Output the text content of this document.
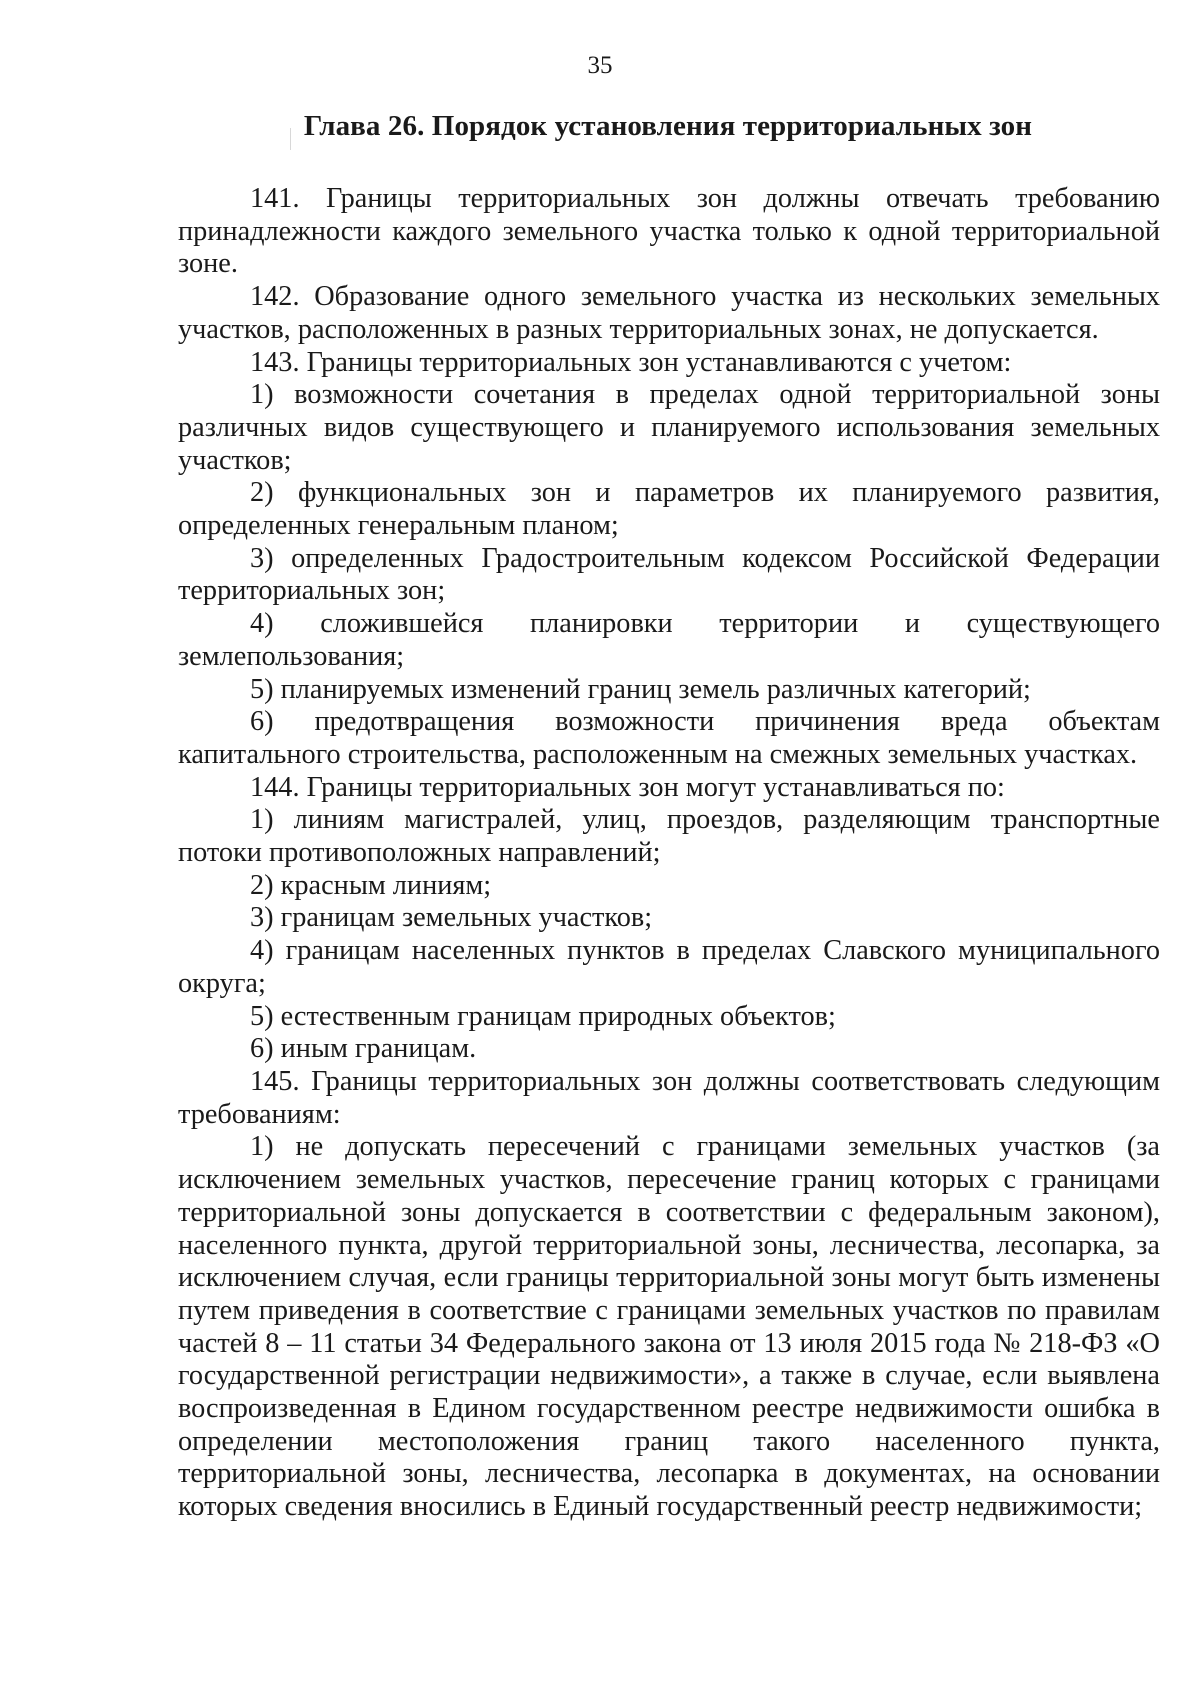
35
Глава 26. Порядок установления территориальных зон

141. Границы территориальных зон должны отвечать требованию принадлежности каждого земельного участка только к одной территориальной зоне.

142. Образование одного земельного участка из нескольких земельных участков, расположенных в разных территориальных зонах, не допускается.

143. Границы территориальных зон устанавливаются с учетом:

1) возможности сочетания в пределах одной территориальной зоны различных видов существующего и планируемого использования земельных участков;

2) функциональных зон и параметров их планируемого развития, определенных генеральным планом;

3) определенных Градостроительным кодексом Российской Федерации территориальных зон;

4) сложившейся планировки территории и существующего землепользования;

5) планируемых изменений границ земель различных категорий;

6) предотвращения возможности причинения вреда объектам капитального строительства, расположенным на смежных земельных участках.

144. Границы территориальных зон могут устанавливаться по:

1) линиям магистралей, улиц, проездов, разделяющим транспортные потоки противоположных направлений;

2) красным линиям;

3) границам земельных участков;

4) границам населенных пунктов в пределах Славского муниципального округа;

5) естественным границам природных объектов;

6) иным границам.

145. Границы территориальных зон должны соответствовать следующим требованиям:

1) не допускать пересечений с границами земельных участков (за исключением земельных участков, пересечение границ которых с границами территориальной зоны допускается в соответствии с федеральным законом), населенного пункта, другой территориальной зоны, лесничества, лесопарка, за исключением случая, если границы территориальной зоны могут быть изменены путем приведения в соответствие с границами земельных участков по правилам частей 8 – 11 статьи 34 Федерального закона от 13 июля 2015 года № 218-ФЗ «О государственной регистрации недвижимости», а также в случае, если выявлена воспроизведенная в Едином государственном реестре недвижимости ошибка в определении местоположения границ такого населенного пункта, территориальной зоны, лесничества, лесопарка в документах, на основании которых сведения вносились в Единый государственный реестр недвижимости;
